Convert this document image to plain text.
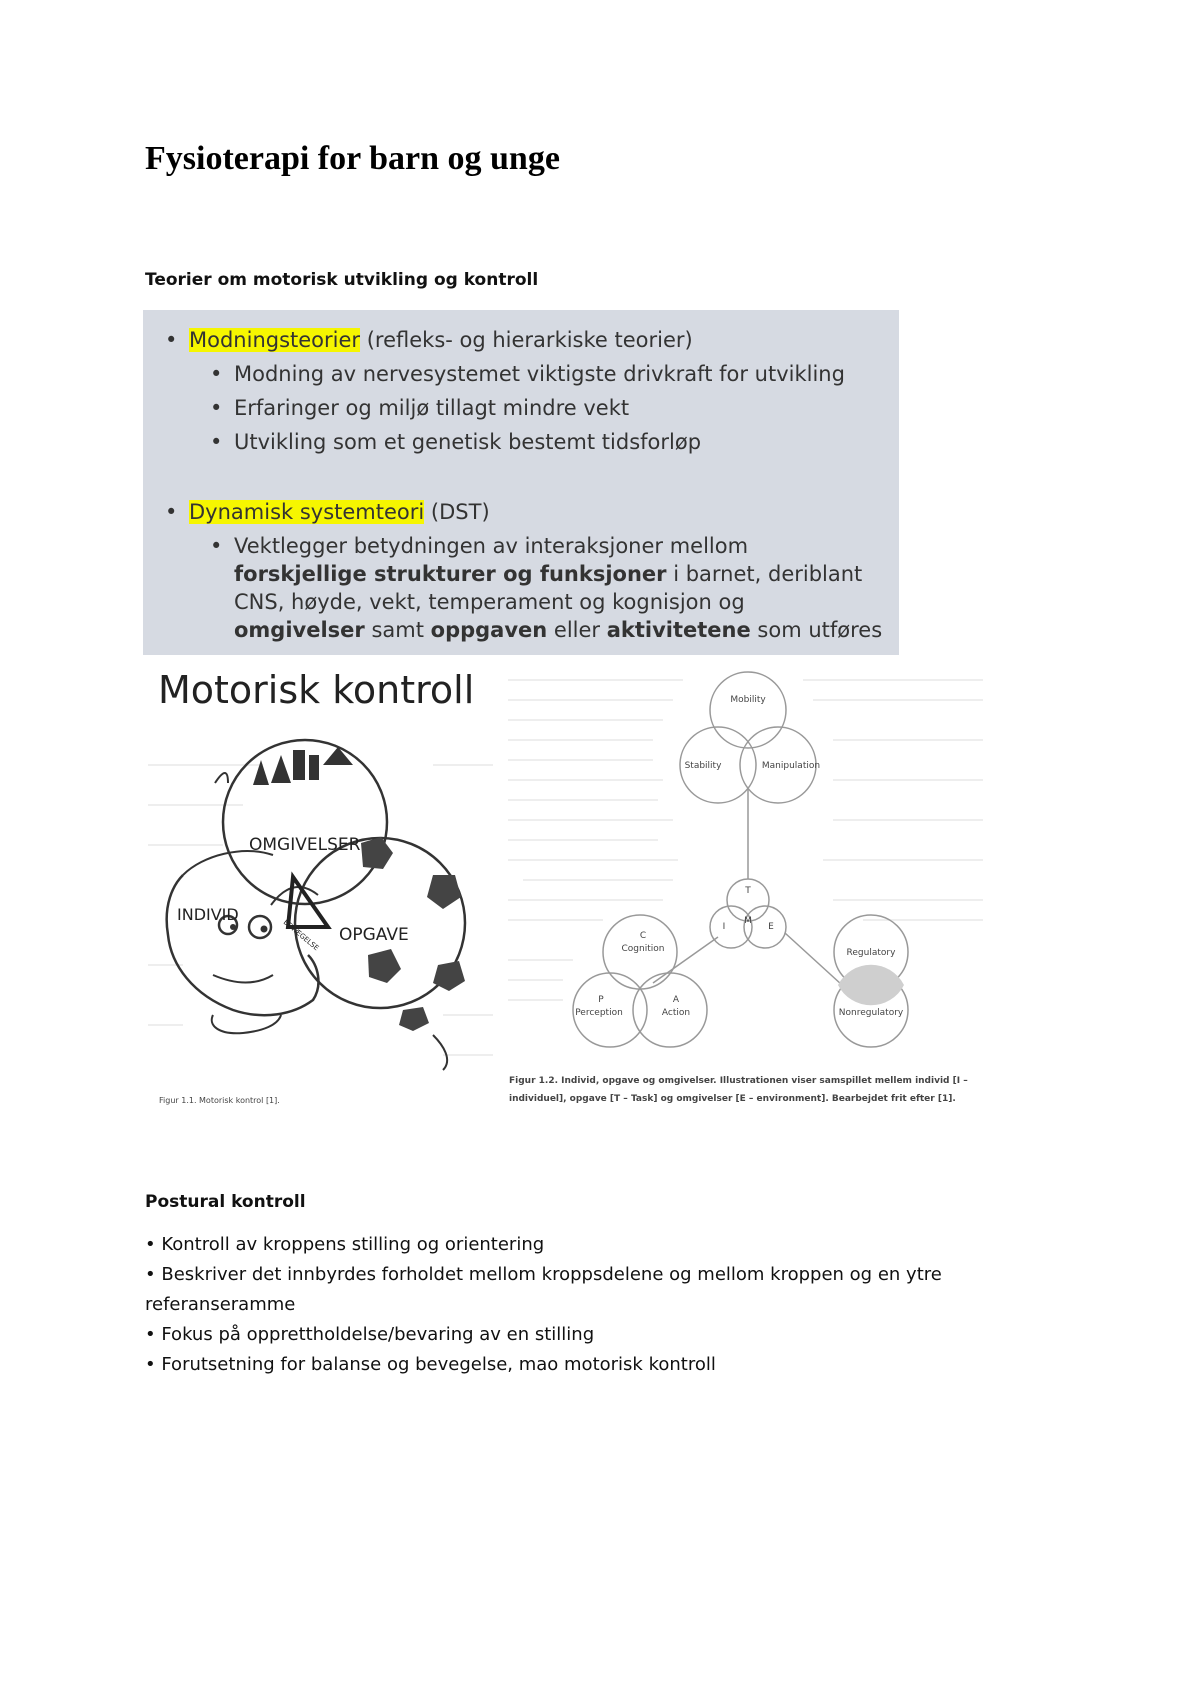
Fysioterapi for barn og unge
Teorier om motorisk utvikling og kontroll
• Modningsteorier (refleks- og hierarkiske teorier)
• Modning av nervesystemet viktigste drivkraft for utvikling
• Erfaringer og miljø tillagt mindre vekt
• Utvikling som et genetisk bestemt tidsforløp
• Dynamisk systemteori (DST)
• Vektlegger betydningen av interaksjoner mellom
forskjellige strukturer og funksjoner i barnet, deriblant
CNS, høyde, vekt, temperament og kognisjon og
omgivelser samt oppgaven eller aktivitetene som utføres

Motorisk kontroll

OMGIVELSER
INDIVID
OPGAVE
BEVÆGELSE
Figur 1.1. Motorisk kontrol [1].
Mobility
Stability	Manipulation
T
I
M
E
C
Cognition
P
Perception
A
Action
Regulatory
Nonregulatory
Figur 1.2. Individ, opgave og omgivelser. Illustrationen viser samspillet mellem individ [I –
individuel], opgave [T – Task] og omgivelser [E – environment]. Bearbejdet frit efter [1].
Postural kontroll
• Kontroll av kroppens stilling og orientering
• Beskriver det innbyrdes forholdet mellom kroppsdelene og mellom kroppen og en ytre
referanseramme
• Fokus på opprettholdelse/bevaring av en stilling
• Forutsetning for balanse og bevegelse, mao motorisk kontroll
